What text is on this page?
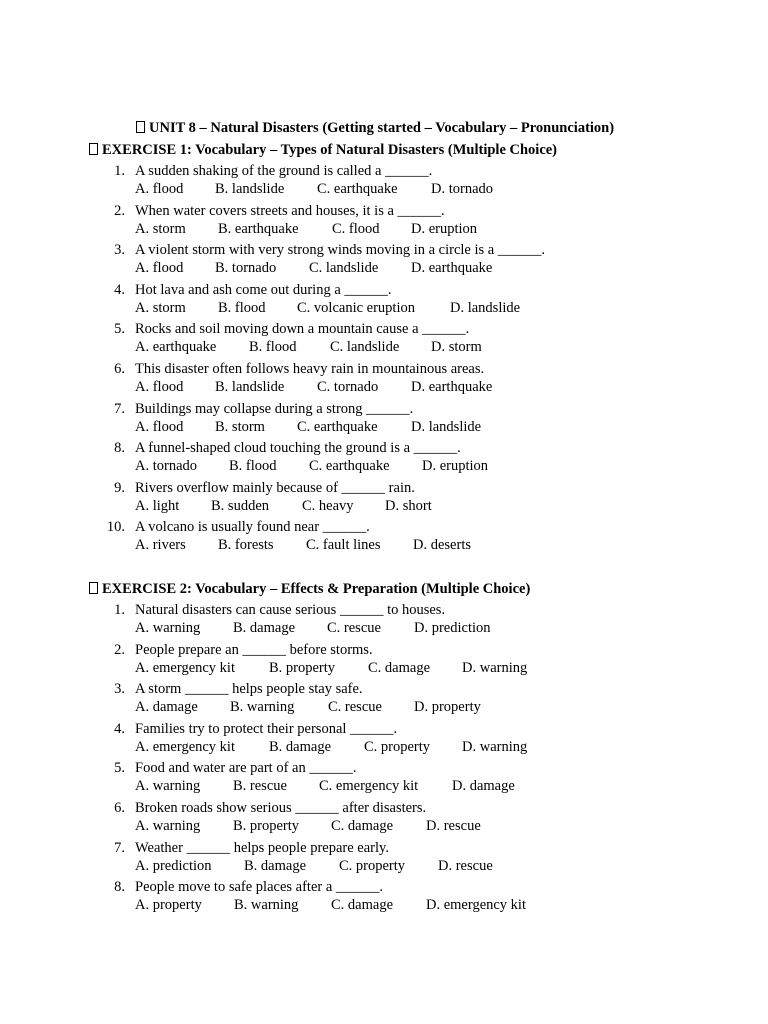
UNIT 8 – Natural Disasters (Getting started – Vocabulary – Pronunciation)
EXERCISE 1: Vocabulary – Types of Natural Disasters (Multiple Choice)
1. A sudden shaking of the ground is called a ______.
A. flood B. landslide C. earthquake D. tornado
2. When water covers streets and houses, it is a ______.
A. storm B. earthquake C. flood D. eruption
3. A violent storm with very strong winds moving in a circle is a ______.
A. flood B. tornado C. landslide D. earthquake
4. Hot lava and ash come out during a ______.
A. storm B. flood C. volcanic eruption D. landslide
5. Rocks and soil moving down a mountain cause a ______.
A. earthquake B. flood C. landslide D. storm
6. This disaster often follows heavy rain in mountainous areas.
A. flood B. landslide C. tornado D. earthquake
7. Buildings may collapse during a strong ______.
A. flood B. storm C. earthquake D. landslide
8. A funnel-shaped cloud touching the ground is a ______.
A. tornado B. flood C. earthquake D. eruption
9. Rivers overflow mainly because of ______ rain.
A. light B. sudden C. heavy D. short
10. A volcano is usually found near ______.
A. rivers B. forests C. fault lines D. deserts
EXERCISE 2: Vocabulary – Effects & Preparation (Multiple Choice)
1. Natural disasters can cause serious ______ to houses.
A. warning B. damage C. rescue D. prediction
2. People prepare an ______ before storms.
A. emergency kit B. property C. damage D. warning
3. A storm ______ helps people stay safe.
A. damage B. warning C. rescue D. property
4. Families try to protect their personal ______.
A. emergency kit B. damage C. property D. warning
5. Food and water are part of an ______.
A. warning B. rescue C. emergency kit D. damage
6. Broken roads show serious ______ after disasters.
A. warning B. property C. damage D. rescue
7. Weather ______ helps people prepare early.
A. prediction B. damage C. property D. rescue
8. People move to safe places after a ______.
A. property B. warning C. damage D. emergency kit
